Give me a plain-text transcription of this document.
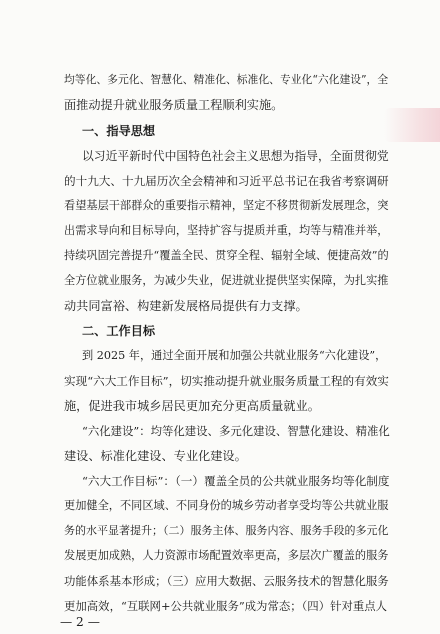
均等化、多元化、智慧化、精准化、标准化、专业化“六化建设”，全
面推动提升就业服务质量工程顺利实施。
一、指导思想
以习近平新时代中国特色社会主义思想为指导，全面贯彻党
的十九大、十九届历次全会精神和习近平总书记在我省考察调研
看望基层干部群众的重要指示精神，坚定不移贯彻新发展理念，突
出需求导向和目标导向，坚持扩容与提质并重，均等与精准并举，
持续巩固完善提升“覆盖全民、贯穿全程、辐射全域、便捷高效”的
全方位就业服务，为减少失业，促进就业提供坚实保障，为扎实推
动共同富裕、构建新发展格局提供有力支撑。
二、工作目标
到 2025 年，通过全面开展和加强公共就业服务“六化建设”，
实现“六大工作目标”，切实推动提升就业服务质量工程的有效实
施，促进我市城乡居民更加充分更高质量就业。
“六化建设”：均等化建设、多元化建设、智慧化建设、精准化
建设、标准化建设、专业化建设。
“六大工作目标”：（一）覆盖全员的公共就业服务均等化制度
更加健全，不同区域、不同身份的城乡劳动者享受均等公共就业服
务的水平显著提升；（二）服务主体、服务内容、服务手段的多元化
发展更加成熟，人力资源市场配置效率更高，多层次广覆盖的服务
功能体系基本形成；（三）应用大数据、云服务技术的智慧化服务
更加高效，“互联网+公共就业服务”成为常态；（四）针对重点人
— 2 —
